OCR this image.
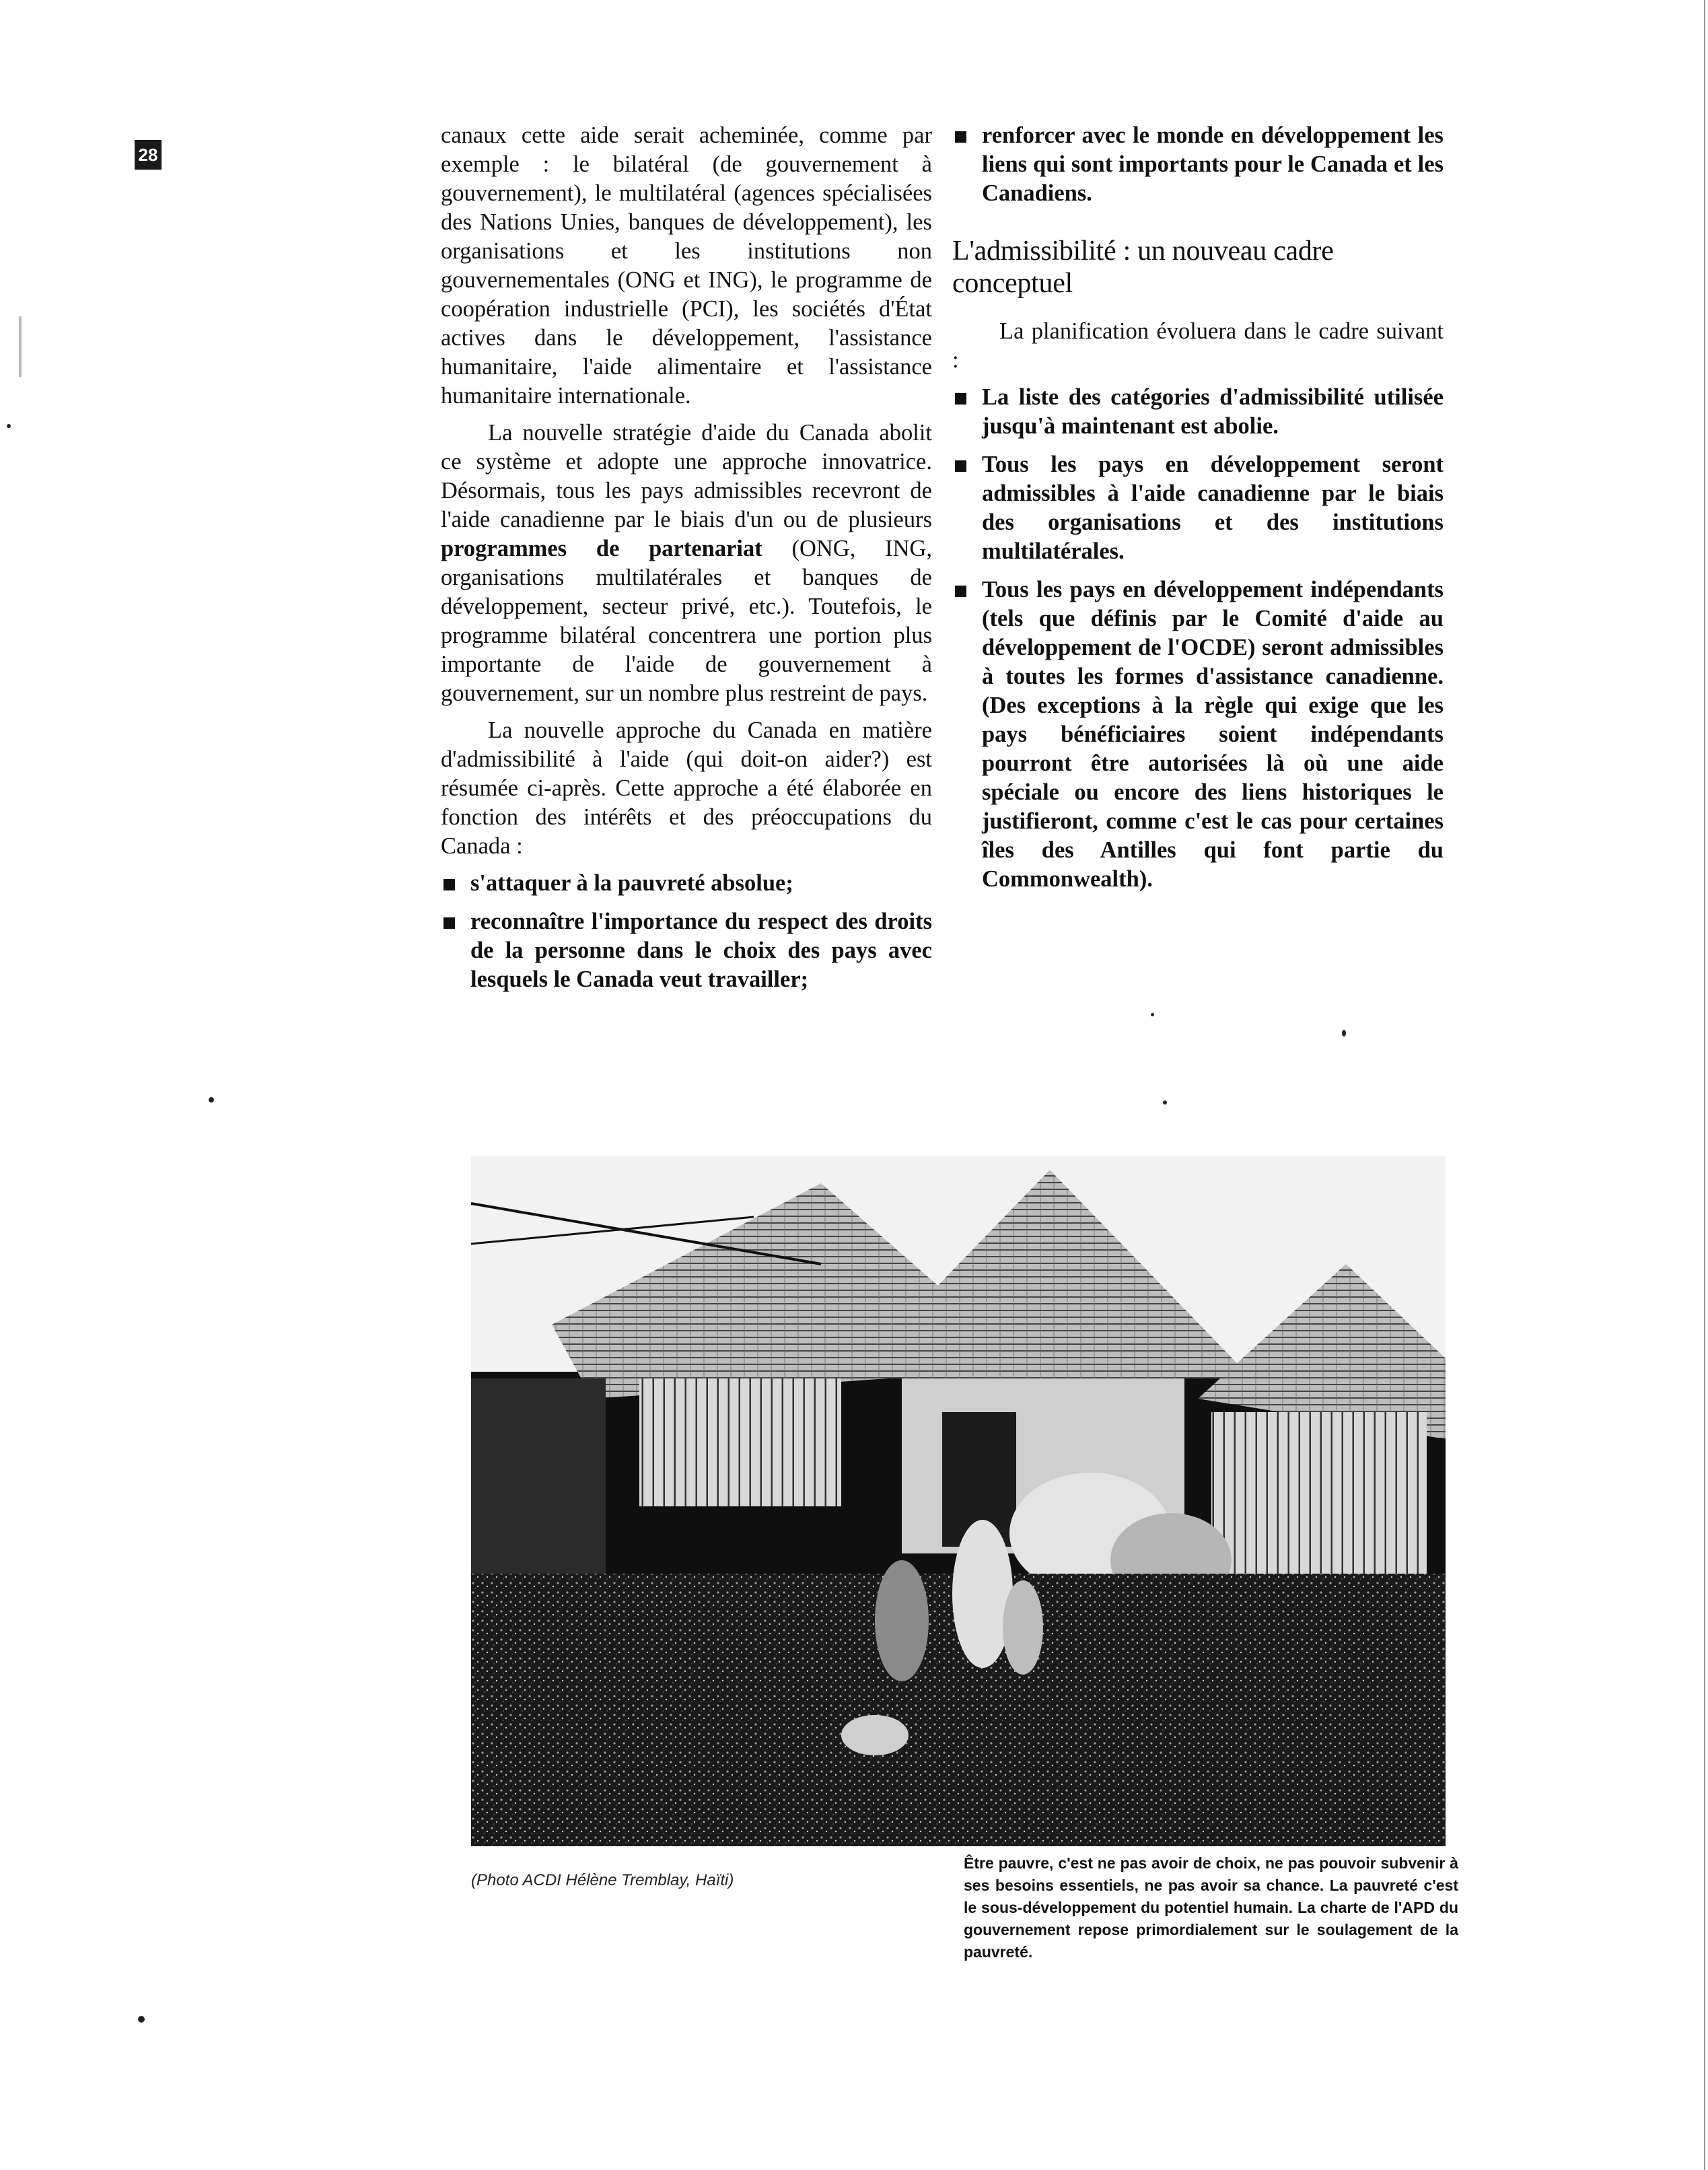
28

canaux cette aide serait acheminée, comme par exemple : le bilatéral (de gouvernement à gouvernement), le multilatéral (agences spécialisées des Nations Unies, banques de développement), les organisations et les institutions non gouvernementales (ONG et ING), le programme de coopération industrielle (PCI), les sociétés d'État actives dans le développement, l'assistance humanitaire, l'aide alimentaire et l'assistance humanitaire internationale.

La nouvelle stratégie d'aide du Canada abolit ce système et adopte une approche innovatrice. Désormais, tous les pays admissibles recevront de l'aide canadienne par le biais d'un ou de plusieurs programmes de partenariat (ONG, ING, organisations multilatérales et banques de développement, secteur privé, etc.). Toutefois, le programme bilatéral concentrera une portion plus importante de l'aide de gouvernement à gouvernement, sur un nombre plus restreint de pays.

La nouvelle approche du Canada en matière d'admissibilité à l'aide (qui doit-on aider?) est résumée ci-après. Cette approche a été élaborée en fonction des intérêts et des préoccupations du Canada :

s'attaquer à la pauvreté absolue;
reconnaître l'importance du respect des droits de la personne dans le choix des pays avec lesquels le Canada veut travailler;
renforcer avec le monde en développement les liens qui sont importants pour le Canada et les Canadiens.
L'admissibilité : un nouveau cadre conceptuel

La planification évoluera dans le cadre suivant :

La liste des catégories d'admissibilité utilisée jusqu'à maintenant est abolie.
Tous les pays en développement seront admissibles à l'aide canadienne par le biais des organisations et des institutions multilatérales.
Tous les pays en développement indépendants (tels que définis par le Comité d'aide au développement de l'OCDE) seront admissibles à toutes les formes d'assistance canadienne. (Des exceptions à la règle qui exige que les pays bénéficiaires soient indépendants pourront être autorisées là où une aide spéciale ou encore des liens historiques le justifieront, comme c'est le cas pour certaines îles des Antilles qui font partie du Commonwealth).
(Photo ACDI Hélène Tremblay, Haïti)
Être pauvre, c'est ne pas avoir de choix, ne pas pouvoir subvenir à ses besoins essentiels, ne pas avoir sa chance. La pauvreté c'est le sous-développement du potentiel humain. La charte de l'APD du gouvernement repose primordialement sur le soulagement de la pauvreté.
